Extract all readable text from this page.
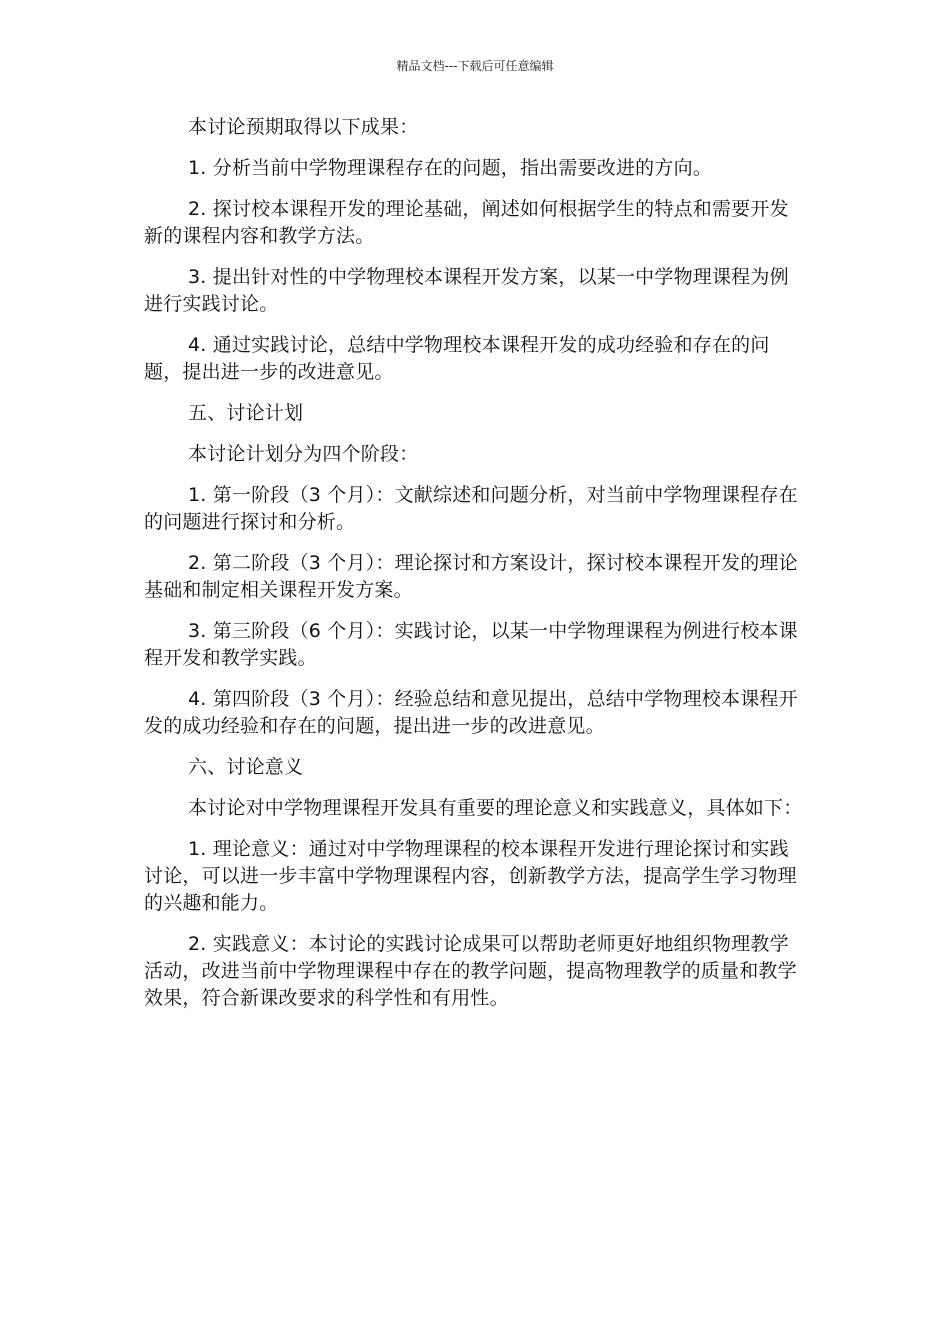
精品文档---下载后可任意编辑

本讨论预期取得以下成果：

1. 分析当前中学物理课程存在的问题，指出需要改进的方向。

2. 探讨校本课程开发的理论基础，阐述如何根据学生的特点和需要开发新的课程内容和教学方法。

3. 提出针对性的中学物理校本课程开发方案，以某一中学物理课程为例进行实践讨论。

4. 通过实践讨论，总结中学物理校本课程开发的成功经验和存在的问题，提出进一步的改进意见。

五、讨论计划

本讨论计划分为四个阶段：

1. 第一阶段（3 个月）：文献综述和问题分析，对当前中学物理课程存在的问题进行探讨和分析。

2. 第二阶段（3 个月）：理论探讨和方案设计，探讨校本课程开发的理论基础和制定相关课程开发方案。

3. 第三阶段（6 个月）：实践讨论，以某一中学物理课程为例进行校本课程开发和教学实践。

4. 第四阶段（3 个月）：经验总结和意见提出，总结中学物理校本课程开发的成功经验和存在的问题，提出进一步的改进意见。

六、讨论意义

本讨论对中学物理课程开发具有重要的理论意义和实践意义，具体如下：

1. 理论意义：通过对中学物理课程的校本课程开发进行理论探讨和实践讨论，可以进一步丰富中学物理课程内容，创新教学方法，提高学生学习物理的兴趣和能力。

2. 实践意义：本讨论的实践讨论成果可以帮助老师更好地组织物理教学活动，改进当前中学物理课程中存在的教学问题，提高物理教学的质量和教学效果，符合新课改要求的科学性和有用性。
